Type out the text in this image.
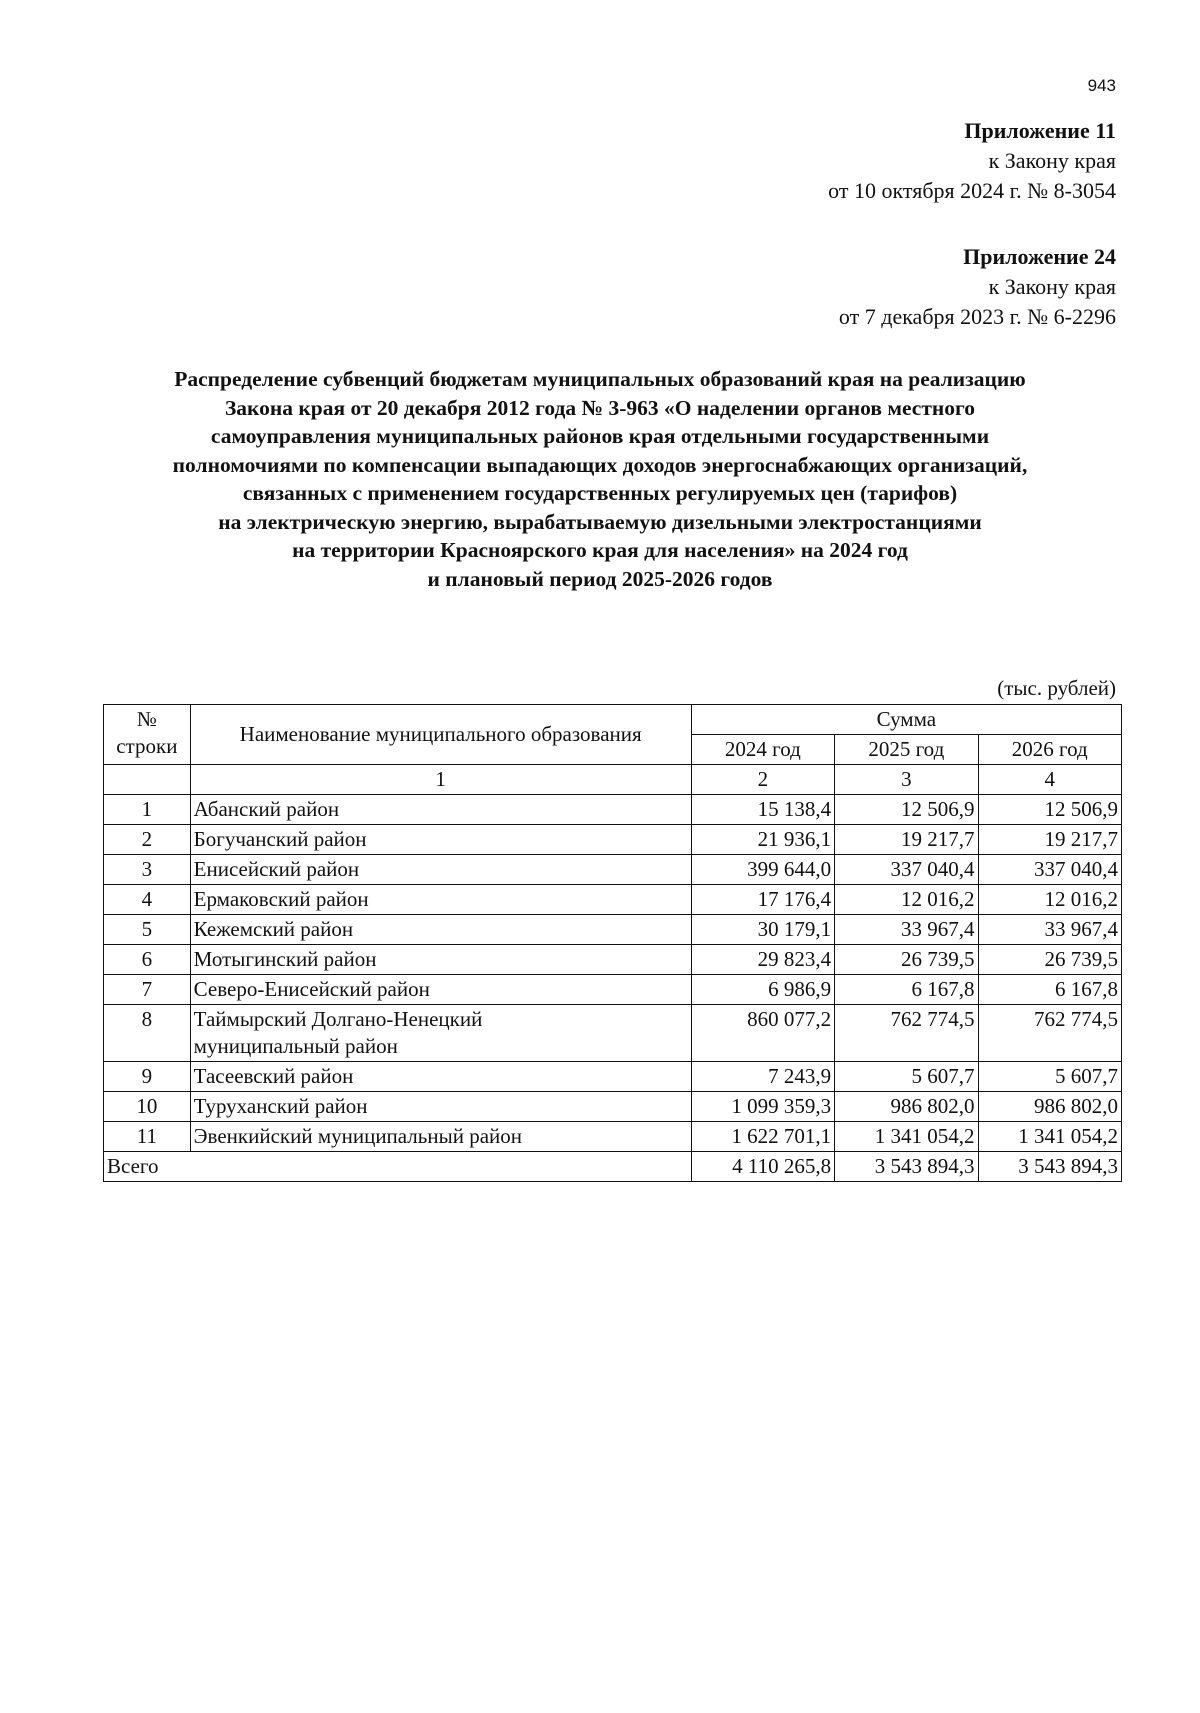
943
Приложение 11
к Закону края
от 10 октября 2024 г. № 8-3054
Приложение 24
к Закону края
от 7 декабря 2023 г. № 6-2296
Распределение субвенций бюджетам муниципальных образований края на реализацию
Закона края от 20 декабря 2012 года № 3-963 «О наделении органов местного
самоуправления муниципальных районов края отдельными государственными
полномочиями по компенсации выпадающих доходов энергоснабжающих организаций,
связанных с применением государственных регулируемых цен (тарифов)
на электрическую энергию, вырабатываемую дизельными электростанциями
на территории Красноярского края для населения» на 2024 год
и плановый период 2025-2026 годов
(тыс. рублей)
№ строки	Наименование муниципального образования	Сумма		
		2024 год	2025 год	2026 год
	1	2	3	4
1	Абанский район	15 138,4	12 506,9	12 506,9
2	Богучанский район	21 936,1	19 217,7	19 217,7
3	Енисейский район	399 644,0	337 040,4	337 040,4
4	Ермаковский район	17 176,4	12 016,2	12 016,2
5	Кежемский район	30 179,1	33 967,4	33 967,4
6	Мотыгинский район	29 823,4	26 739,5	26 739,5
7	Северо-Енисейский район	6 986,9	6 167,8	6 167,8
8	Таймырский Долгано-Ненецкий
муниципальный район	860 077,2	762 774,5	762 774,5
9	Тасеевский район	7 243,9	5 607,7	5 607,7
10	Туруханский район	1 099 359,3	986 802,0	986 802,0
11	Эвенкийский муниципальный район	1 622 701,1	1 341 054,2	1 341 054,2
Всего		4 110 265,8	3 543 894,3	3 543 894,3
